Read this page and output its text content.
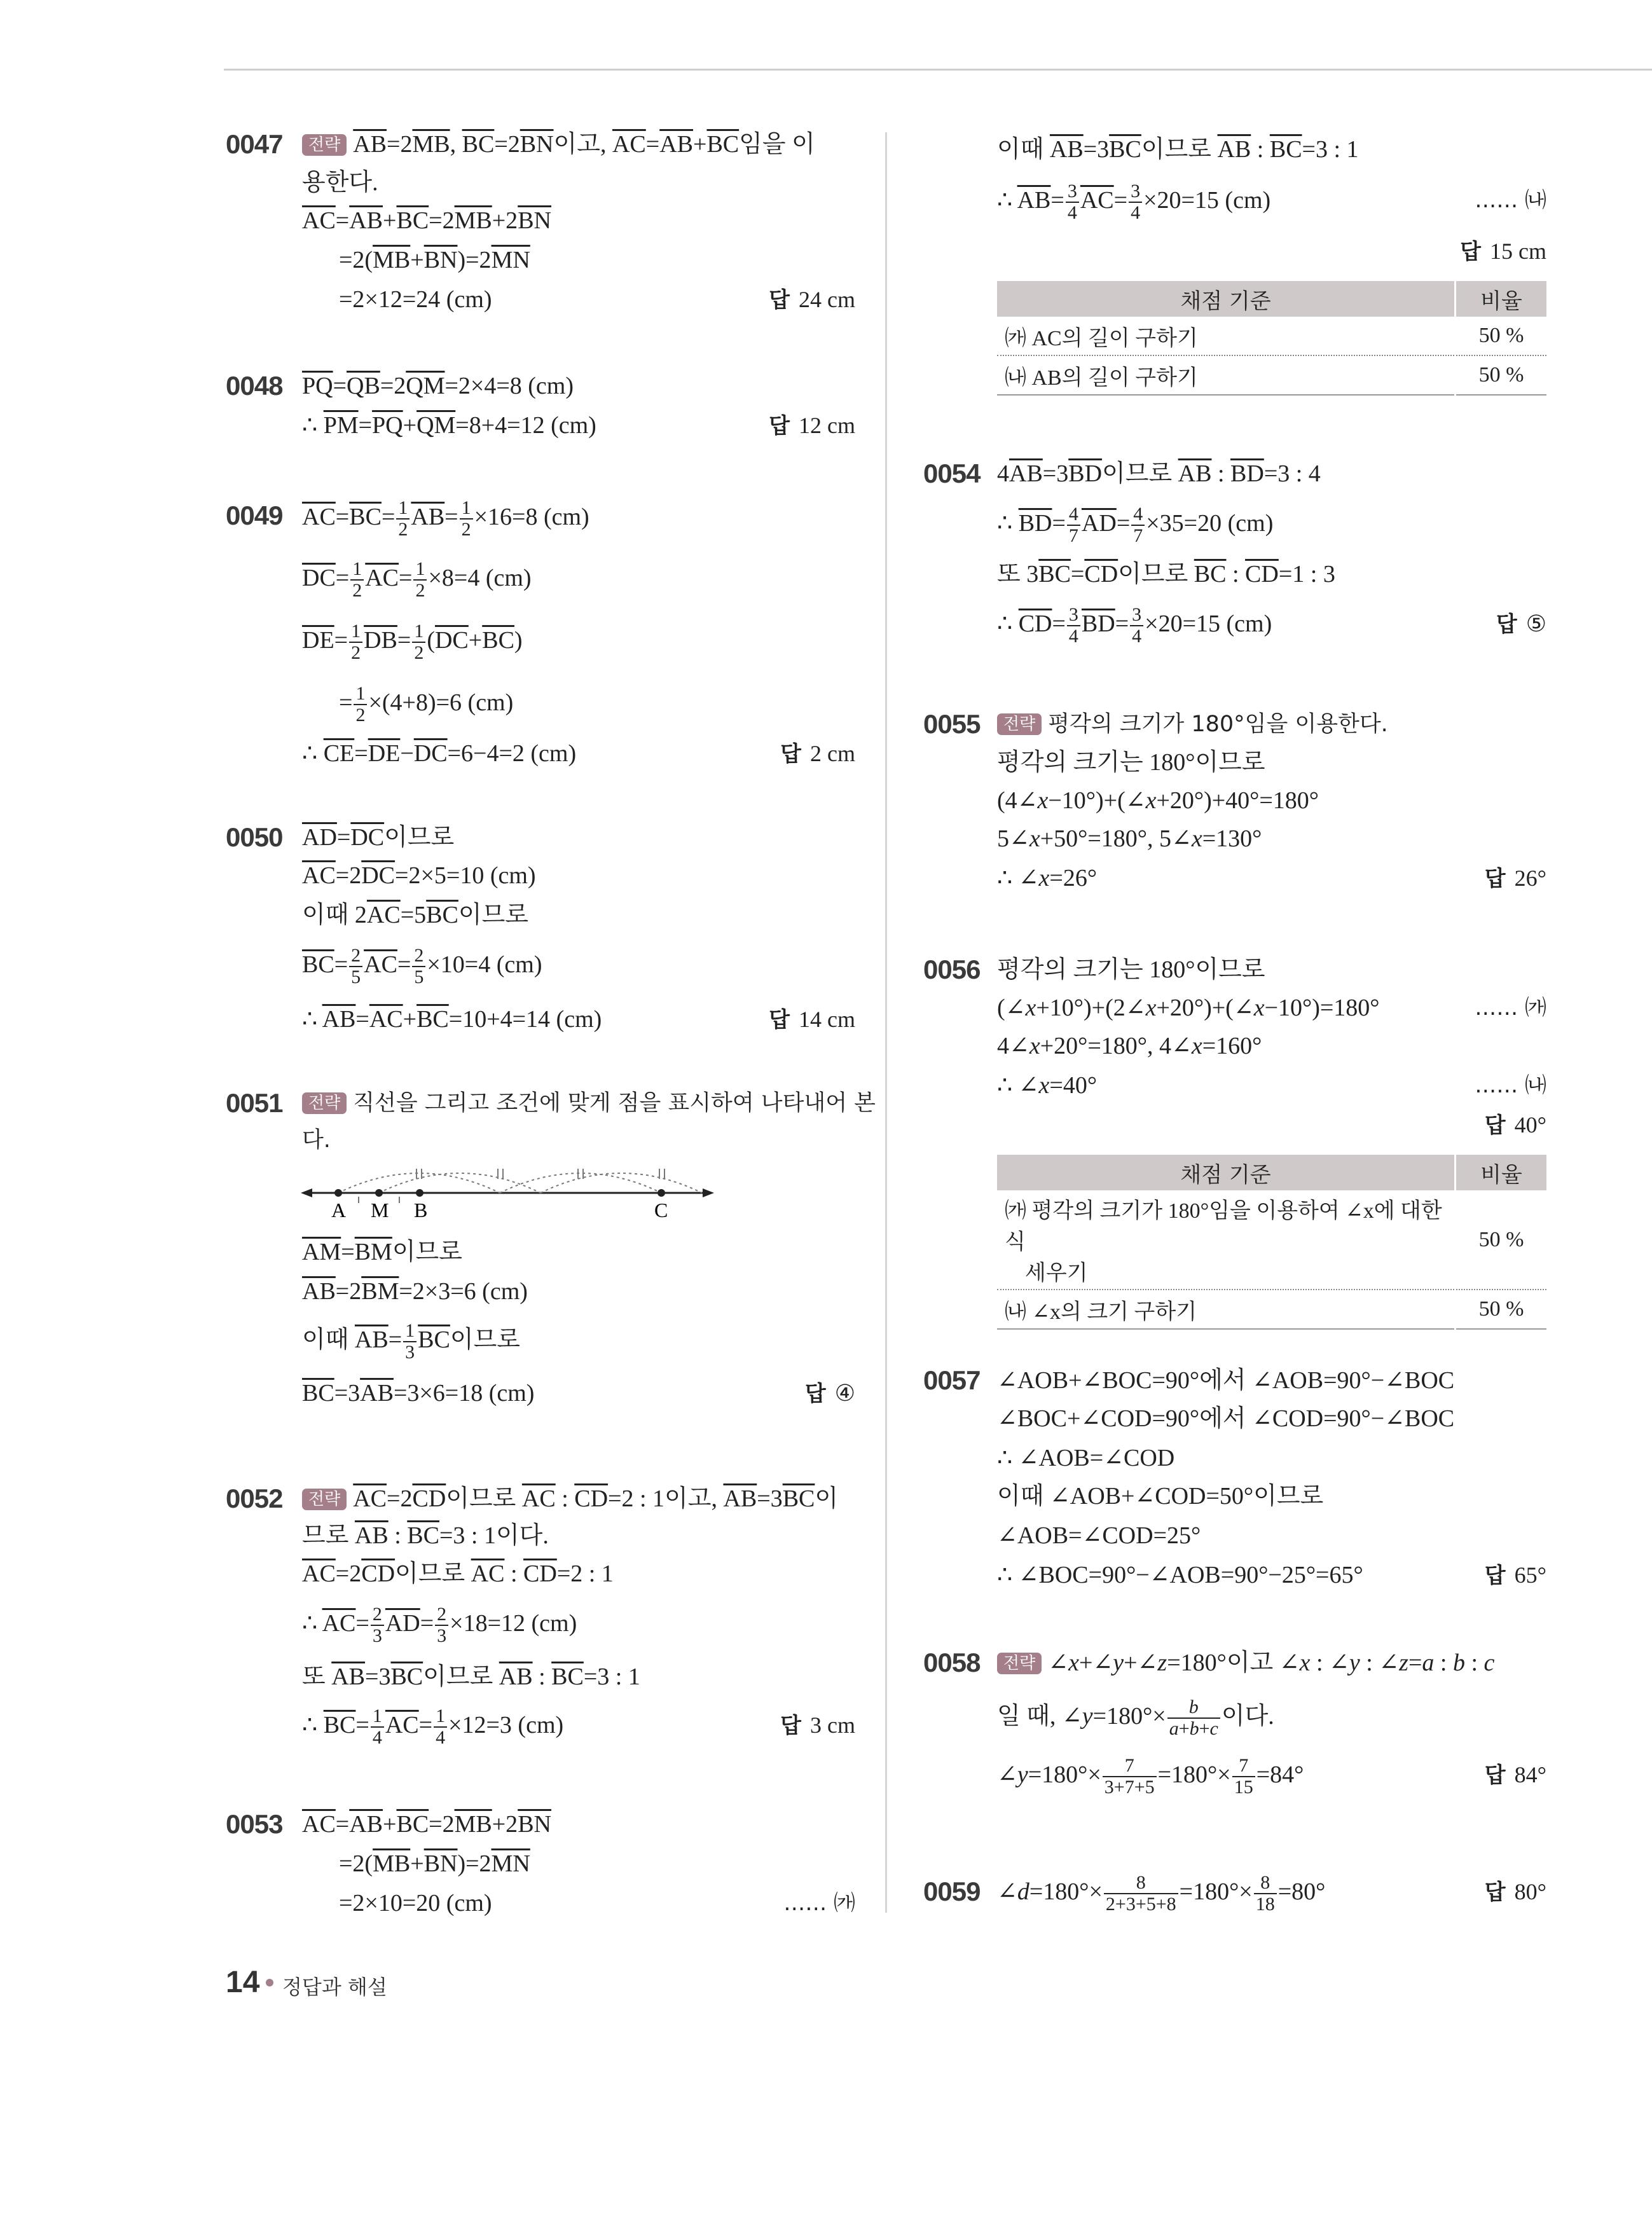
0047	전략 $\overline{AB}=2\overline{MB}$, $\overline{BC}=2\overline{BN}$이고, $\overline{AC}=\overline{AB}+\overline{BC}$임을 이
용한다.
$\overline{AC}=\overline{AB}+\overline{BC}=2\overline{MB}+2\overline{BN}$
$=2(\overline{MB}+\overline{BN})=2\overline{MN}$
=2×12=24 (cm)	답 24 cm
0048 $\overline{PQ}=\overline{QB}=2\overline{QM}=2\times 4=8$ (cm)
∴ $\overline{PM}=\overline{PQ}+\overline{QM}=8+4=12$ (cm)	답 12 cm
0049 $\overline{AC}=\overline{BC}= \frac{1}{2} \overline{AB}= \frac{1}{2} \times 16=8$ (cm)
$\overline{DC}= \frac{1}{2} \overline{AC}= \frac{1}{2} \times 8=4$ (cm)
$\overline{DE}= \frac{1}{2} \overline{DB}= \frac{1}{2} (\overline{DC}+\overline{BC})$
= $\frac{1}{2} \times(4+8)=6$ (cm)
∴ $\overline{CE}=\overline{DE}-\overline{DC}=6-4=2$ (cm)	답 2 cm
0050 $\overline{AD}=\overline{DC}$이므로
$\overline{AC}=2\overline{DC}=2\times 5=10$ (cm)
이때 $2\overline{AC}=5\overline{BC}$이므로
$\overline{BC}= \frac{2}{5} \overline{AC}= \frac{2}{5} \times 10=4$ (cm)
∴ $\overline{AB}=\overline{AC}+\overline{BC}=10+4=14$ (cm)	답 14 cm
0051	전략 직선을 그리고 조건에 맞게 점을 표시하여 나타내어 본
다.
A M B	C
$\overline{AM}=\overline{BM}$이므로
$\overline{AB}=2\overline{BM}=2\times 3=6$ (cm)
이때 $\overline{AB}= \frac{1}{3} \overline{BC}$이므로
$\overline{BC}=3\overline{AB}=3\times 6=18$ (cm)	답 ④
0052	전략 $\overline{AC}=2\overline{CD}$이므로 $\overline{AC}$ : $\overline{CD}=2$ : 1이고, $\overline{AB}=3\overline{BC}$이
므로 $\overline{AB}$ : $\overline{BC}=3$ : 1이다.
$\overline{AC}=2\overline{CD}$이므로 $\overline{AC}$ : $\overline{CD}=2$ : 1
∴ $\overline{AC}= \frac{2}{3} \overline{AD}= \frac{2}{3} \times 18=12$ (cm)
또 $\overline{AB}=3\overline{BC}$이므로 $\overline{AB}$ : $\overline{BC}=3$ : 1
∴ $\overline{BC}= \frac{1}{4} \overline{AC}= \frac{1}{4} \times 12=3$ (cm)	답 3 cm
0053 $\overline{AC}=\overline{AB}+\overline{BC}=2\overline{MB}+2\overline{BN}$
$=2(\overline{MB}+\overline{BN})=2\overline{MN}$
=2×10=20 (cm)	…… ㈎
이때 $\overline{AB}=3\overline{BC}$이므로 $\overline{AB}$ : $\overline{BC}=3$ : 1
∴ $\overline{AB}= \frac{3}{4} \overline{AC}= \frac{3}{4} \times 20=15$ (cm)	…… ㈏
답 15 cm
채점 기준	비율
㈎ AC의 길이 구하기	50 %
㈏ AB의 길이 구하기	50 %
0054 $4\overline{AB}=3\overline{BD}$이므로 $\overline{AB}$ : $\overline{BD}=3$ : 4
∴ $\overline{BD}= \frac{4}{7} \overline{AD}= \frac{4}{7} \times 35=20$ (cm)
또 $3\overline{BC}=\overline{CD}$이므로 $\overline{BC}$ : $\overline{CD}=1$ : 3
∴ $\overline{CD}= \frac{3}{4} \overline{BD}= \frac{3}{4} \times 20=15$ (cm)	답 ⑤
0055	전략 평각의 크기가 180°임을 이용한다.
평각의 크기는 180°이므로
(4∠x−10°)+(∠x+20°)+40°=180°
5∠x+50°=180°, 5∠x=130°
∴ ∠x=26°	답 26°
0056 평각의 크기는 180°이므로
(∠x+10°)+(2∠x+20°)+(∠x−10°)=180°	…… ㈎
4∠x+20°=180°, 4∠x=160°
∴ ∠x=40°	…… ㈏
답 40°
채점 기준	비율

㈎ 평각의 크기가 180°임을 이용하여 ∠x에 대한 식
세우기	50 %
㈏ ∠x의 크기 구하기	50 %
0057 ∠AOB+∠BOC=90°에서 ∠AOB=90°−∠BOC
∠BOC+∠COD=90°에서 ∠COD=90°−∠BOC
∴ ∠AOB=∠COD
이때 ∠AOB+∠COD=50°이므로
∠AOB=∠COD=25°
∴ ∠BOC=90°−∠AOB=90°−25°=65°	답 65°
0058	전략 ∠x+∠y+∠z=180°이고 ∠x : ∠y : ∠z=a : b : c
일 때, ∠y=180°× $\frac{b}{a+b+c}$ 이다.
∠y=180°× $\frac{7}{3+7+5} =180^\circ\times \frac{7}{15} =84^\circ$	답 84°
0059 ∠d=180°× $\frac{8}{2+3+5+8} =180^\circ\times \frac{8}{18} =80^\circ$	답 80°
14 정답과 해설
